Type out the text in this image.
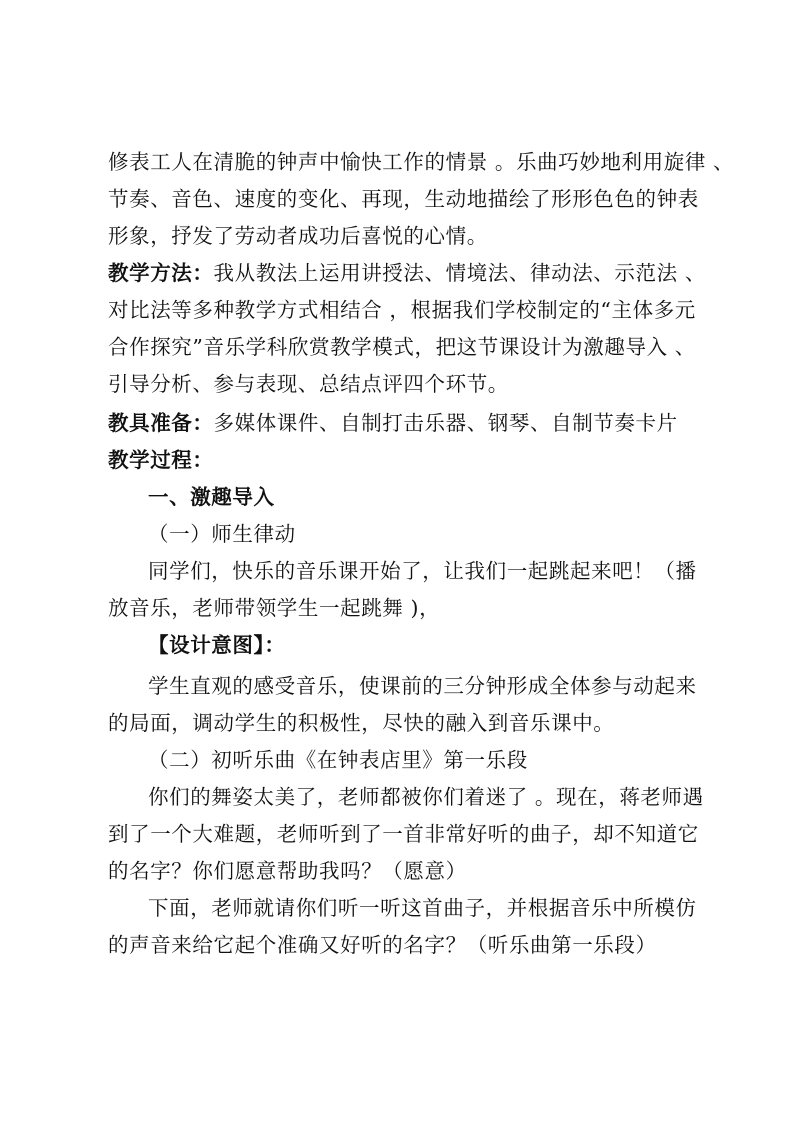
修表工人在清脆的钟声中愉快工作的情景 。乐曲巧妙地利用旋律 、
节奏、音色、速度的变化、再现，生动地描绘了形形色色的钟表
形象，抒发了劳动者成功后喜悦的心情。
教学方法：我从教法上运用讲授法、情境法、律动法、示范法 、
对比法等多种教学方式相结合 ，根据我们学校制定的“主体多元
合作探究”音乐学科欣赏教学模式，把这节课设计为激趣导入 、
引导分析、参与表现、总结点评四个环节。
教具准备：多媒体课件、自制打击乐器、钢琴、自制节奏卡片
教学过程：
一、激趣导入
（一）师生律动
同学们，快乐的音乐课开始了，让我们一起跳起来吧！（播
放音乐，老师带领学生一起跳舞 )，
【设计意图】：
学生直观的感受音乐，使课前的三分钟形成全体参与动起来
的局面，调动学生的积极性，尽快的融入到音乐课中。
（二）初听乐曲《在钟表店里》第一乐段
你们的舞姿太美了，老师都被你们着迷了 。现在，蒋老师遇
到了一个大难题，老师听到了一首非常好听的曲子，却不知道它
的名字？你们愿意帮助我吗？（愿意）
下面，老师就请你们听一听这首曲子，并根据音乐中所模仿
的声音来给它起个准确又好听的名字？（听乐曲第一乐段）
